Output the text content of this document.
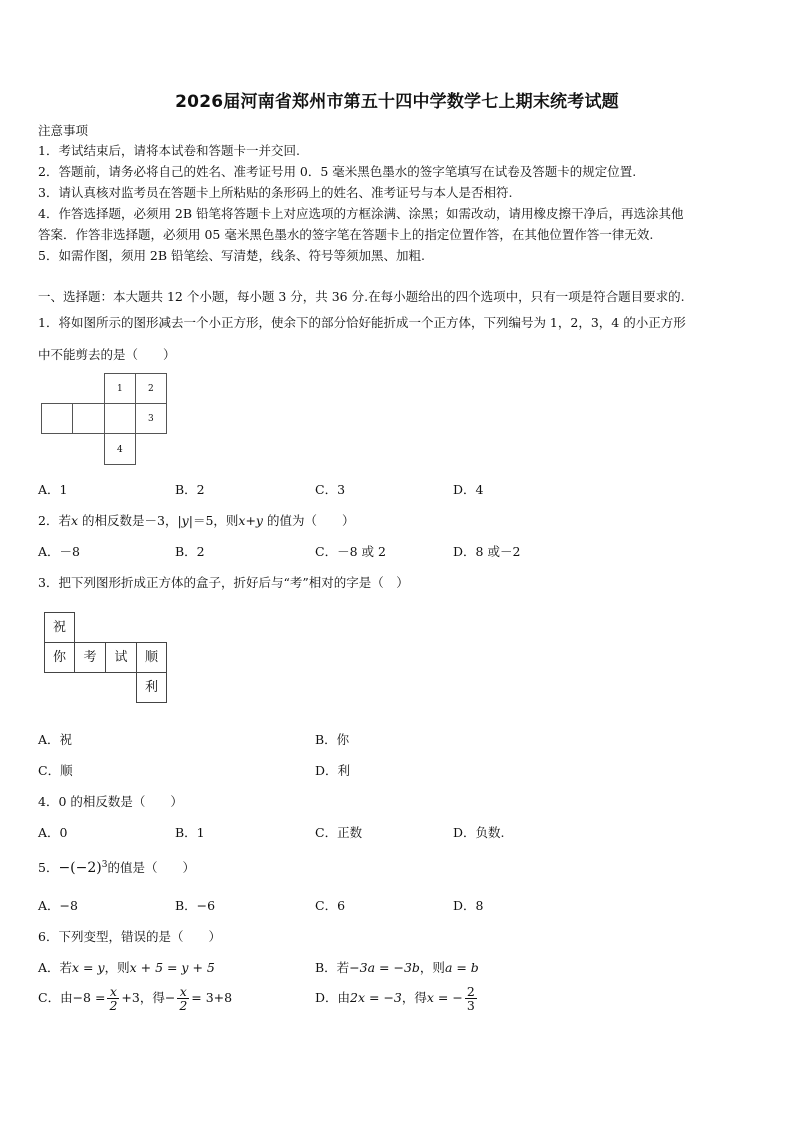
2026届河南省郑州市第五十四中学数学七上期末统考试题
注意事项
1．考试结束后，请将本试卷和答题卡一并交回.
2．答题前，请务必将自己的姓名、准考证号用 0．5 毫米黑色墨水的签字笔填写在试卷及答题卡的规定位置.
3．请认真核对监考员在答题卡上所粘贴的条形码上的姓名、准考证号与本人是否相符.
4．作答选择题，必须用 2B 铅笔将答题卡上对应选项的方框涂满、涂黑；如需改动，请用橡皮擦干净后，再选涂其他
答案．作答非选择题，必须用 05 毫米黑色墨水的签字笔在答题卡上的指定位置作答，在其他位置作答一律无效.
5．如需作图，须用 2B 铅笔绘、写清楚，线条、符号等须加黑、加粗.
一、选择题：本大题共 12 个小题，每小题 3 分，共 36 分.在每小题给出的四个选项中，只有一项是符合题目要求的.
1．将如图所示的图形减去一个小正方形，使余下的部分恰好能折成一个正方体，下列编号为 1，2，3，4 的小正方形
中不能剪去的是（　　）
1	2
3
4
A．1	B．2	C．3	D．4
2．若x 的相反数是－3，|y|＝5，则x+y 的值为（　　）
A．－8	B．2	C．－8 或 2	D．8 或－2
3．把下列图形折成正方体的盒子，折好后与“考”相对的字是（　）
祝
你	考	试	顺
利
A．祝	B．你
C．顺	D．利
4．0 的相反数是（　　）
A．0	B．1	C．正数	D．负数.
5．$-(-2)^3$的值是（　　）
A．−8	B．−6	C．6	D．8
6．下列变型，错误的是（　　）
A．若x = y，则x + 5 = y + 5	B．若−3a = −3b，则a = b
C．由$-8 = \frac{x}{2} +3$，得− $\frac{x}{2} = 3+8$	D．由2x = −3，得x = − $\frac{2}{3}$
